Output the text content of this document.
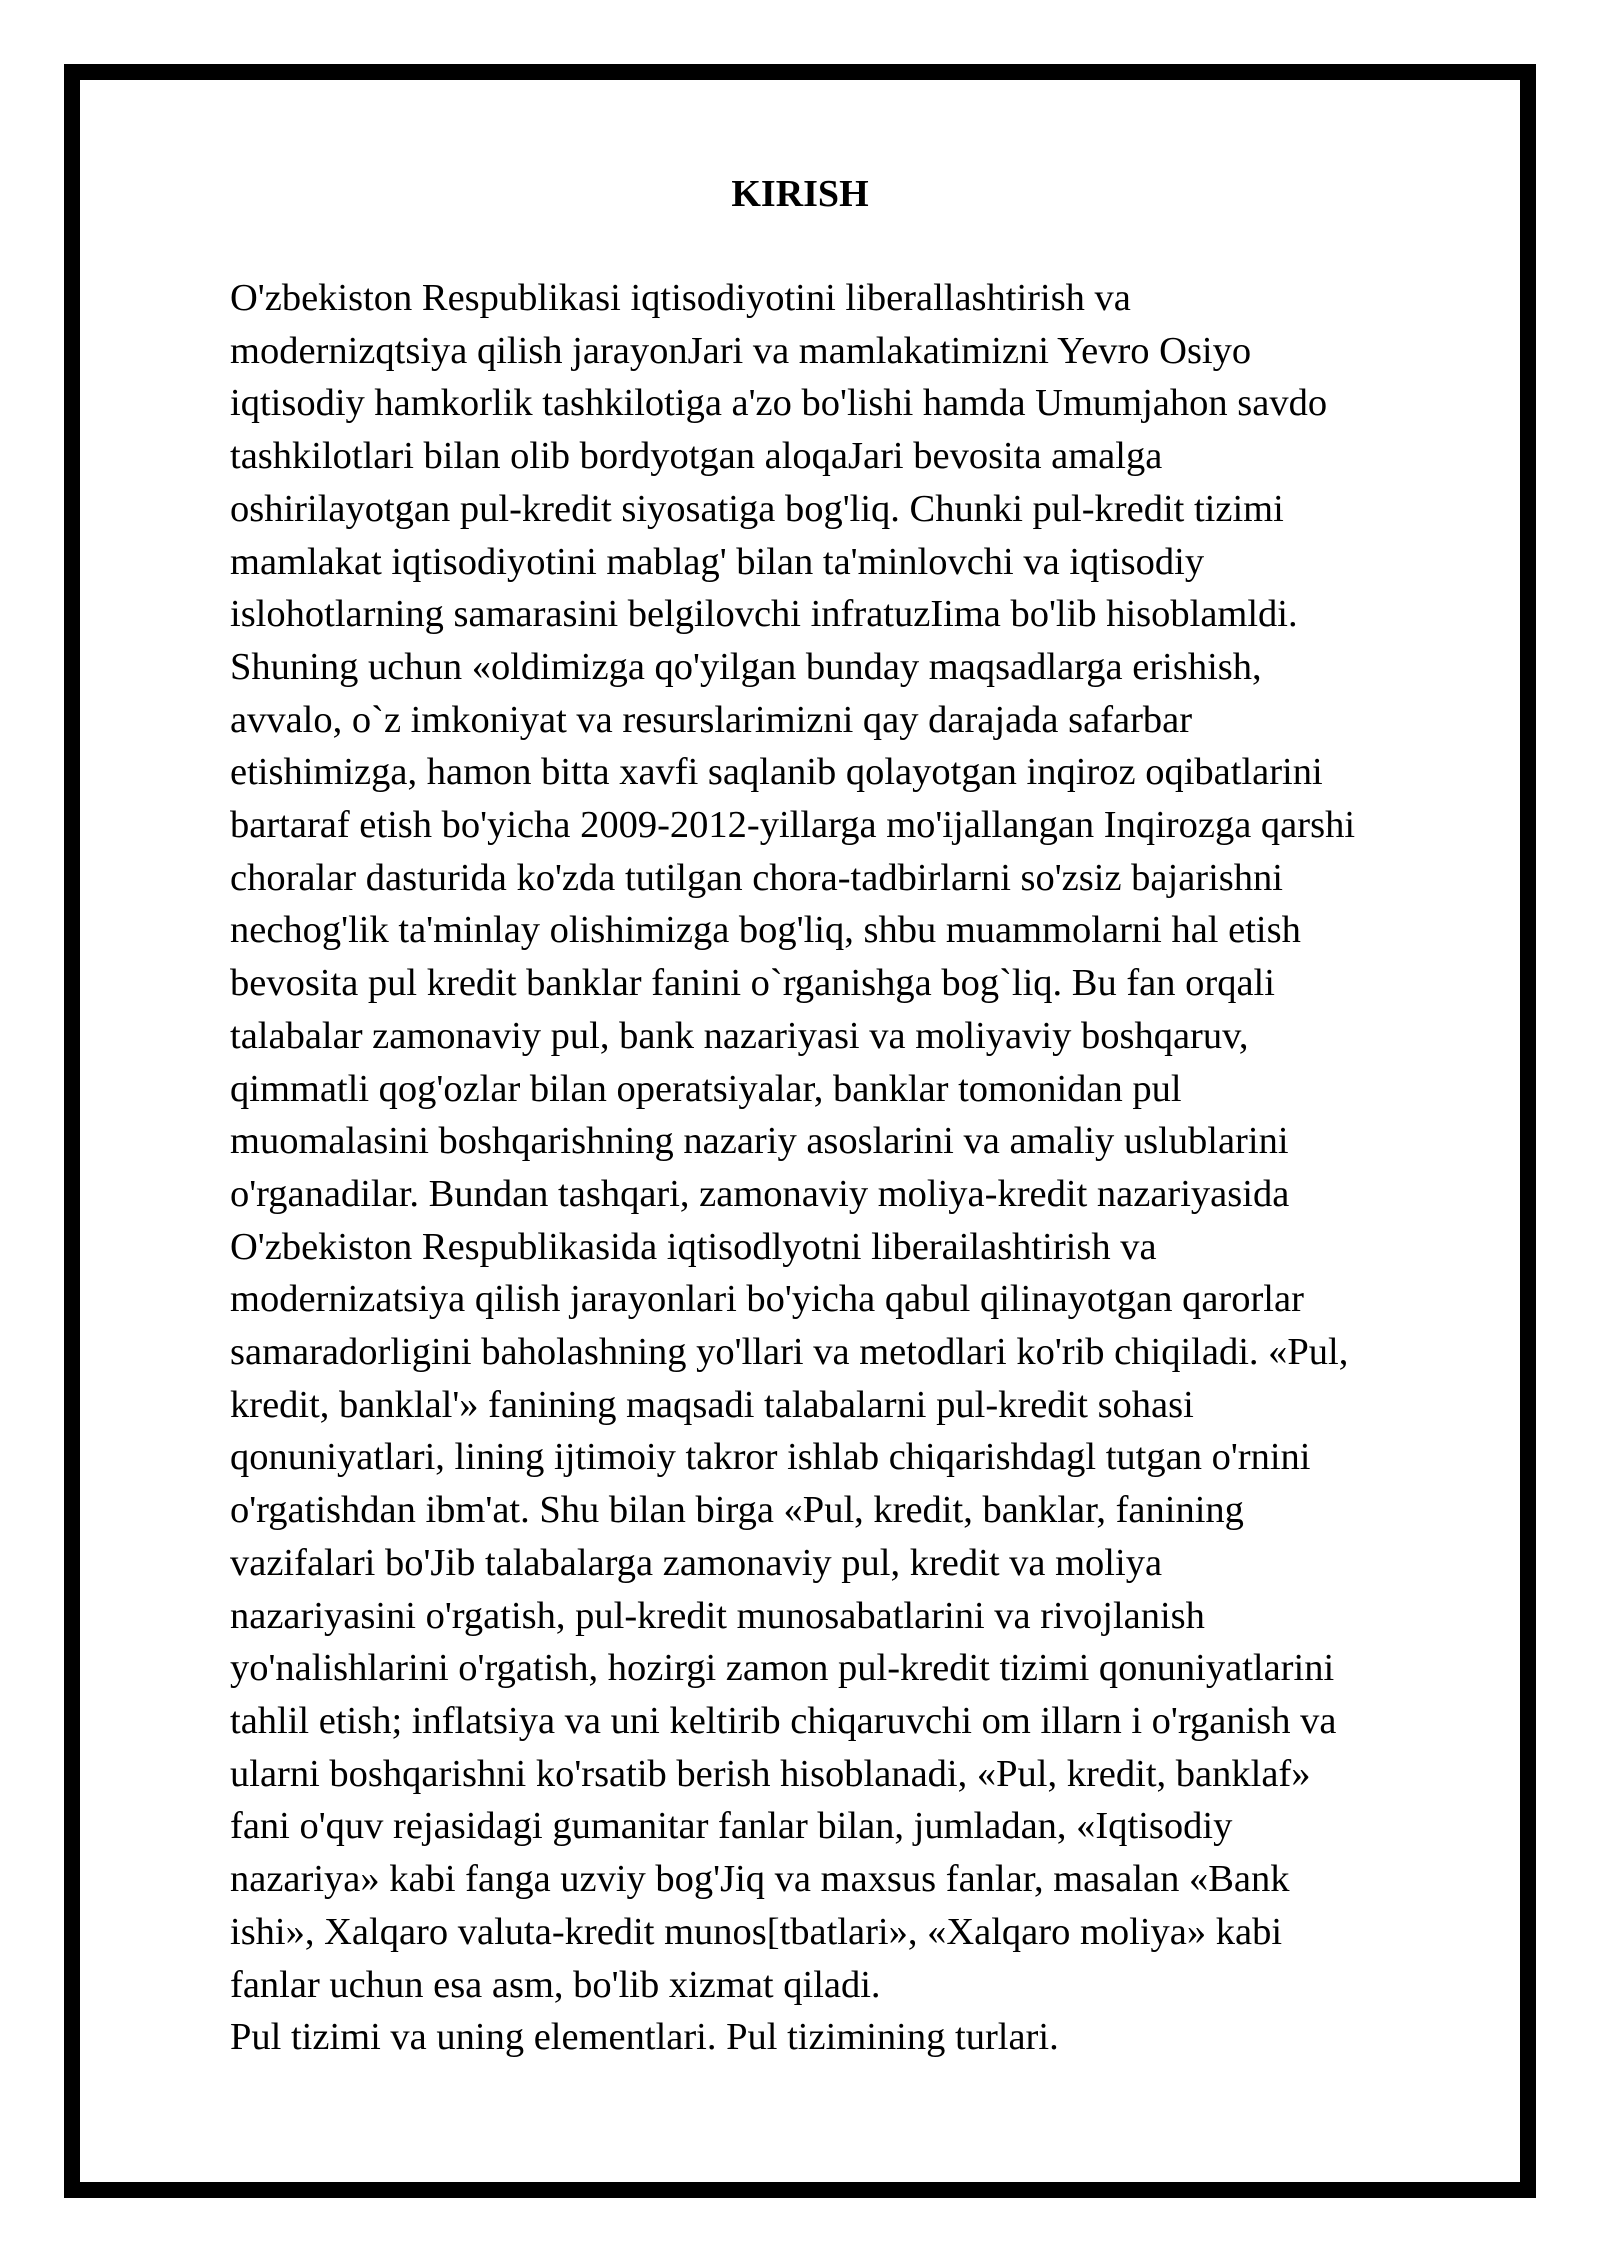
KIRISH
O'zbekiston Respublikasi iqtisodiyotini liberallashtirish va
modernizqtsiya qilish jarayonJari va mamlakatimizni Yevro Osiyo
iqtisodiy hamkorlik tashkilotiga a'zo bo'lishi hamda Umumjahon savdo
tashkilotlari bilan olib bordyotgan aloqaJari bevosita amalga
oshirilayotgan pul-kredit siyosatiga bog'liq. Chunki pul-kredit tizimi
mamlakat iqtisodiyotini mablag' bilan ta'minlovchi va iqtisodiy
islohotlarning samarasini belgilovchi infratuzIima bo'lib hisoblamldi.
Shuning uchun «oldimizga qo'yilgan bunday maqsadlarga erishish,
avvalo, o`z imkoniyat va resurslarimizni qay darajada safarbar
etishimizga, hamon bitta xavfi saqlanib qolayotgan inqiroz oqibatlarini
bartaraf etish bo'yicha 2009-2012-yillarga mo'ijallangan Inqirozga qarshi
choralar dasturida ko'zda tutilgan chora-tadbirlarni so'zsiz bajarishni
nechog'lik ta'minlay olishimizga bog'liq, shbu muammolarni hal etish
bevosita pul kredit banklar fanini o`rganishga bog`liq. Bu fan orqali
talabalar zamonaviy pul, bank nazariyasi va moliyaviy boshqaruv,
qimmatli qog'ozlar bilan operatsiyalar, banklar tomonidan pul
muomalasini boshqarishning nazariy asoslarini va amaliy uslublarini
o'rganadilar. Bundan tashqari, zamonaviy moliya-kredit nazariyasida
O'zbekiston Respublikasida iqtisodlyotni liberailashtirish va
modernizatsiya qilish jarayonlari bo'yicha qabul qilinayotgan qarorlar
samaradorligini baholashning yo'llari va metodlari ko'rib chiqiladi. «Pul,
kredit, banklal'» fanining maqsadi talabalarni pul-kredit sohasi
qonuniyatlari, lining ijtimoiy takror ishlab chiqarishdagl tutgan o'rnini
o'rgatishdan ibm'at. Shu bilan birga «Pul, kredit, banklar, fanining
vazifalari bo'Jib talabalarga zamonaviy pul, kredit va moliya
nazariyasini o'rgatish, pul-kredit munosabatlarini va rivojlanish
yo'nalishlarini o'rgatish, hozirgi zamon pul-kredit tizimi qonuniyatlarini
tahlil etish; inflatsiya va uni keltirib chiqaruvchi om illarn i o'rganish va
ularni boshqarishni ko'rsatib berish hisoblanadi, «Pul, kredit, banklaf»
fani o'quv rejasidagi gumanitar fanlar bilan, jumladan, «Iqtisodiy
nazariya» kabi fanga uzviy bog'Jiq va maxsus fanlar, masalan «Bank
ishi», Xalqaro valuta-kredit munos[tbatlari», «Xalqaro moliya» kabi
fanlar uchun esa asm, bo'lib xizmat qiladi.
Pul tizimi va uning elementlari. Pul tizimining turlari.
